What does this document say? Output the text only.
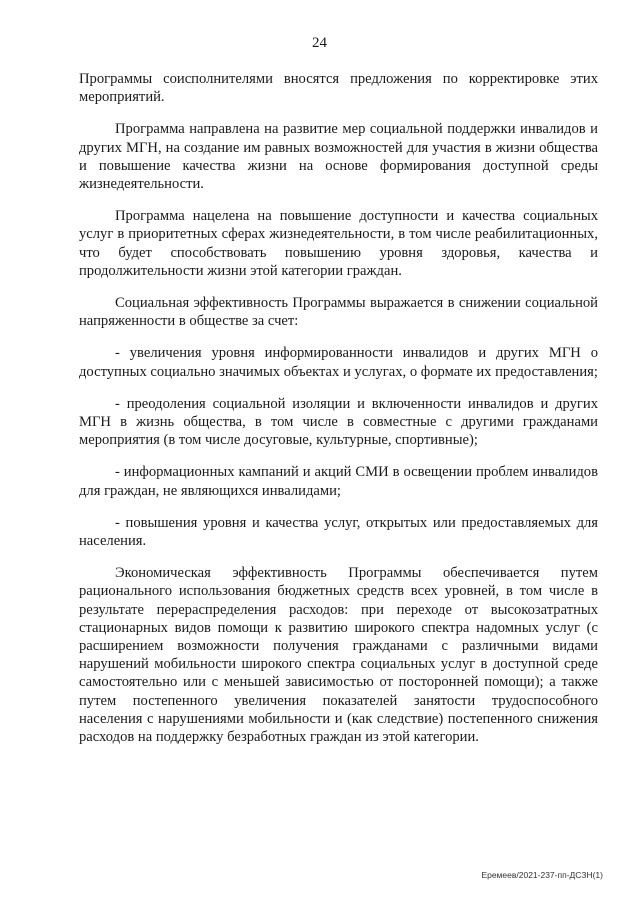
24

Программы соисполнителями вносятся предложения по корректировке этих мероприятий.

Программа направлена на развитие мер социальной поддержки инвалидов и других МГН, на создание им равных возможностей для участия в жизни общества и повышение качества жизни на основе формирования доступной среды жизнедеятельности.

Программа нацелена на повышение доступности и качества социальных услуг в приоритетных сферах жизнедеятельности, в том числе реабилитационных, что будет способствовать повышению уровня здоровья, качества и продолжительности жизни этой категории граждан.

Социальная эффективность Программы выражается в снижении социальной напряженности в обществе за счет:

- увеличения уровня информированности инвалидов и других МГН о доступных социально значимых объектах и услугах, о формате их предоставления;

- преодоления социальной изоляции и включенности инвалидов и других МГН в жизнь общества, в том числе в совместные с другими гражданами мероприятия (в том числе досуговые, культурные, спортивные);

- информационных кампаний и акций СМИ в освещении проблем инвалидов для граждан, не являющихся инвалидами;

- повышения уровня и качества услуг, открытых или предоставляемых для населения.

Экономическая эффективность Программы обеспечивается путем рационального использования бюджетных средств всех уровней, в том числе в результате перераспределения расходов: при переходе от высокозатратных стационарных видов помощи к развитию широкого спектра надомных услуг (с расширением возможности получения гражданами с различными видами нарушений мобильности широкого спектра социальных услуг в доступной среде самостоятельно или с меньшей зависимостью от посторонней помощи); а также путем постепенного увеличения показателей занятости трудоспособного населения с нарушениями мобильности и (как следствие) постепенного снижения расходов на поддержку безработных граждан из этой категории.

Еремеев/2021-237-пп-ДСЗН(1)
